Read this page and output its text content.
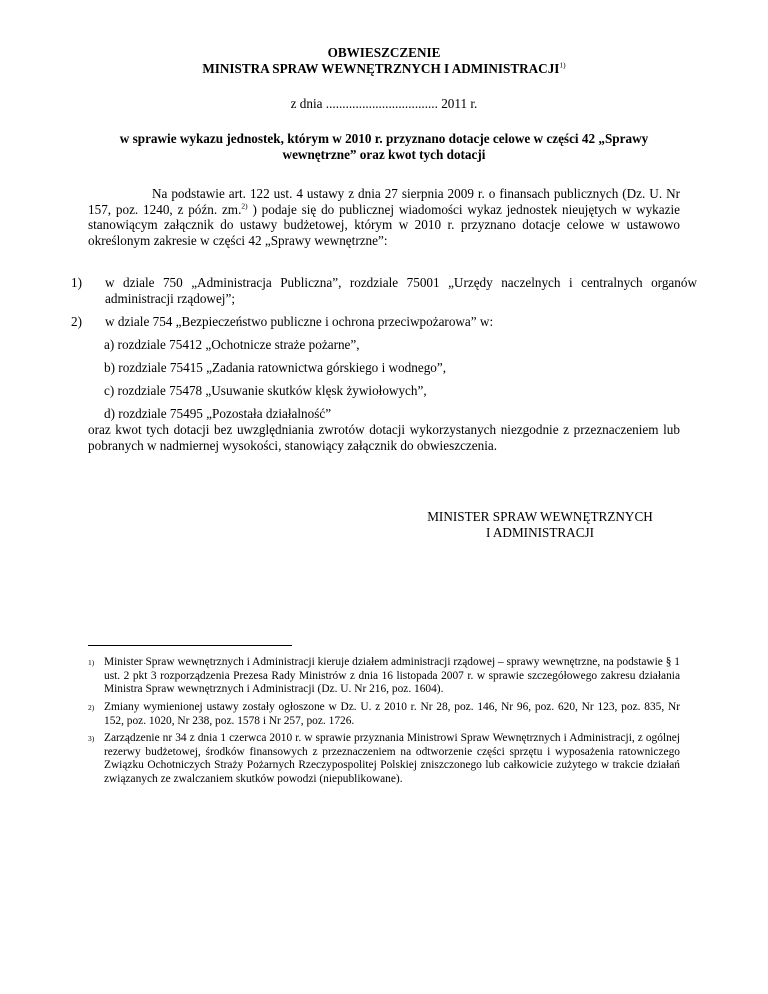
OBWIESZCZENIE
MINISTRA SPRAW WEWNĘTRZNYCH I ADMINISTRACJI$^{1)}$
z dnia .................................. 2011 r.
w sprawie wykazu jednostek, którym w 2010 r. przyznano dotacje celowe w części 42 „Sprawy wewnętrzne” oraz kwot tych dotacji
Na podstawie art. 122 ust. 4 ustawy z dnia 27 sierpnia 2009 r. o finansach publicznych (Dz. U. Nr 157, poz. 1240, z późn. zm.$^{2)}$ ) podaje się do publicznej wiadomości wykaz jednostek nieujętych w wykazie stanowiącym załącznik do ustawy budżetowej, którym w 2010 r. przyznano dotacje celowe w ustawowo określonym zakresie w części 42 „Sprawy wewnętrzne”:
1) w dziale 750 „Administracja Publiczna”, rozdziale 75001 „Urzędy naczelnych i centralnych organów administracji rządowej”;
2) w dziale 754 „Bezpieczeństwo publiczne i ochrona przeciwpożarowa” w:
a) rozdziale 75412 „Ochotnicze straże pożarne”,
b) rozdziale 75415 „Zadania ratownictwa górskiego i wodnego”,
c) rozdziale 75478 „Usuwanie skutków klęsk żywiołowych”,
d) rozdziale 75495 „Pozostała działalność”
oraz kwot tych dotacji bez uwzględniania zwrotów dotacji wykorzystanych niezgodnie z przeznaczeniem lub pobranych w nadmiernej wysokości, stanowiący załącznik do obwieszczenia.
MINISTER SPRAW WEWNĘTRZNYCH
I ADMINISTRACJI
1) Minister Spraw wewnętrznych i Administracji kieruje działem administracji rządowej – sprawy wewnętrzne, na podstawie § 1 ust. 2 pkt 3 rozporządzenia Prezesa Rady Ministrów z dnia 16 listopada 2007 r. w sprawie szczegółowego zakresu działania Ministra Spraw wewnętrznych i Administracji (Dz. U. Nr 216, poz. 1604).
2) Zmiany wymienionej ustawy zostały ogłoszone w Dz. U. z 2010 r. Nr 28, poz. 146, Nr 96, poz. 620, Nr 123, poz. 835, Nr 152, poz. 1020, Nr 238, poz. 1578 i Nr 257, poz. 1726.
3) Zarządzenie nr 34 z dnia 1 czerwca 2010 r. w sprawie przyznania Ministrowi Spraw Wewnętrznych i Administracji, z ogólnej rezerwy budżetowej, środków finansowych z przeznaczeniem na odtworzenie części sprzętu i wyposażenia ratowniczego Związku Ochotniczych Straży Pożarnych Rzeczypospolitej Polskiej zniszczonego lub całkowicie zużytego w trakcie działań związanych ze zwalczaniem skutków powodzi (niepublikowane).
